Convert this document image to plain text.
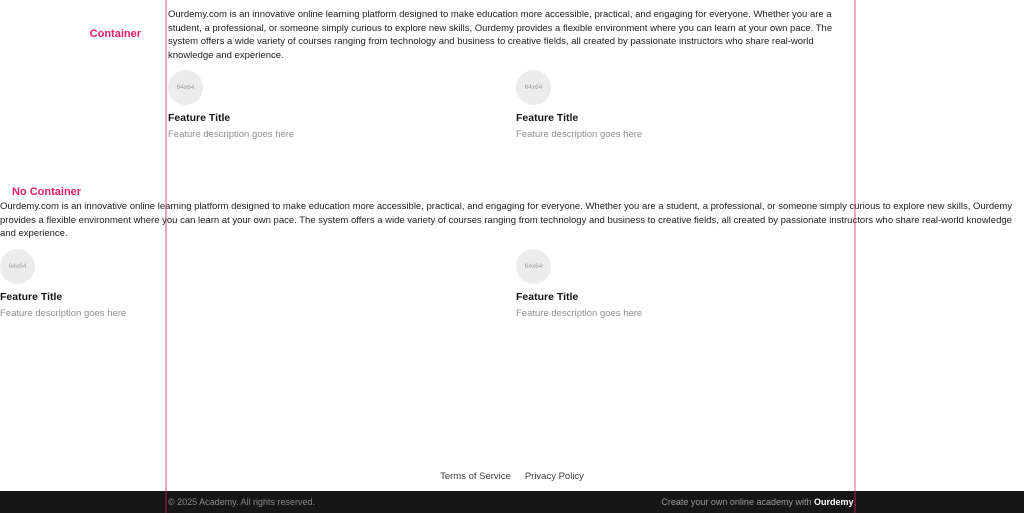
Container
No Container

Ourdemy.com is an innovative online learning platform designed to make education more accessible, practical, and engaging for everyone. Whether you are a student, a professional, or someone simply curious to explore new skills, Ourdemy provides a flexible environment where you can learn at your own pace. The system offers a wide variety of courses ranging from technology and business to creative fields, all created by passionate instructors who share real-world knowledge and experience.

64x64
Feature Title
Feature description goes here
64x64
Feature Title
Feature description goes here

Ourdemy.com is an innovative online learning platform designed to make education more accessible, practical, and engaging for everyone. Whether you are a student, a professional, or someone simply curious to explore new skills, Ourdemy provides a flexible environment where you can learn at your own pace. The system offers a wide variety of courses ranging from technology and business to creative fields, all created by passionate instructors who share real-world knowledge and experience.

64x64
Feature Title
Feature description goes here
64x64
Feature Title
Feature description goes here
Terms of Service Privacy Policy
© 2025 Academy. All rights reserved.	Create your own online academy with Ourdemy.
